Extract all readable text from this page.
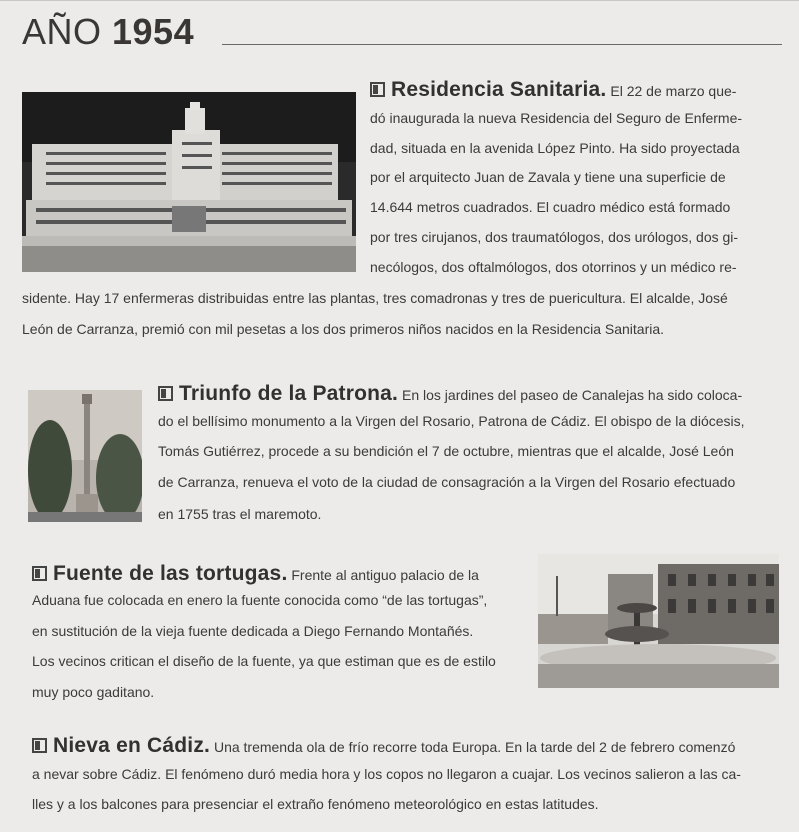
AÑO 1954
Residencia Sanitaria. El 22 de marzo que-
dó inaugurada la nueva Residencia del Seguro de Enferme-
dad, situada en la avenida López Pinto. Ha sido proyectada
por el arquitecto Juan de Zavala y tiene una superficie de
14.644 metros cuadrados. El cuadro médico está formado
por tres cirujanos, dos traumatólogos, dos urólogos, dos gi-
necólogos, dos oftalmólogos, dos otorrinos y un médico re-
sidente. Hay 17 enfermeras distribuidas entre las plantas, tres comadronas y tres de puericultura. El alcalde, José
León de Carranza, premió con mil pesetas a los dos primeros niños nacidos en la Residencia Sanitaria.
Triunfo de la Patrona. En los jardines del paseo de Canalejas ha sido coloca-
do el bellísimo monumento a la Virgen del Rosario, Patrona de Cádiz. El obispo de la diócesis,
Tomás Gutiérrez, procede a su bendición el 7 de octubre, mientras que el alcalde, José León
de Carranza, renueva el voto de la ciudad de consagración a la Virgen del Rosario efectuado
en 1755 tras el maremoto.
Fuente de las tortugas. Frente al antiguo palacio de la
Aduana fue colocada en enero la fuente conocida como “de las tortugas”,
en sustitución de la vieja fuente dedicada a Diego Fernando Montañés.
Los vecinos critican el diseño de la fuente, ya que estiman que es de estilo
muy poco gaditano.
Nieva en Cádiz. Una tremenda ola de frío recorre toda Europa. En la tarde del 2 de febrero comenzó
a nevar sobre Cádiz. El fenómeno duró media hora y los copos no llegaron a cuajar. Los vecinos salieron a las ca-
lles y a los balcones para presenciar el extraño fenómeno meteorológico en estas latitudes.
